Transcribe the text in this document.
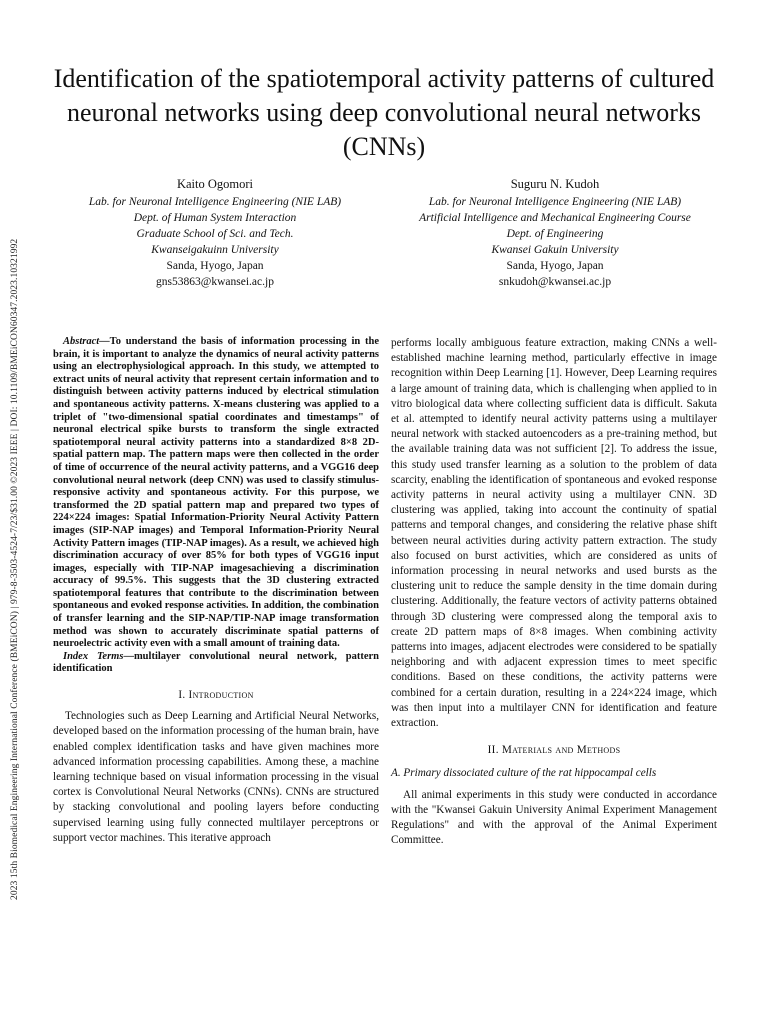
2023 15th Biomedical Engineering International Conference (BMEiCON) | 979-8-3503-4524-7/23/$31.00 ©2023 IEEE | DOI: 10.1109/BMEiCON60347.2023.10321992
Identification of the spatiotemporal activity patterns of cultured neuronal networks using deep convolutional neural networks (CNNs)
Kaito Ogomori
Lab. for Neuronal Intelligence Engineering (NIE LAB)
Dept. of Human System Interaction
Graduate School of Sci. and Tech.
Kwanseigakuinn University
Sanda, Hyogo, Japan
gns53863@kwansei.ac.jp
Suguru N. Kudoh
Lab. for Neuronal Intelligence Engineering (NIE LAB)
Artificial Intelligence and Mechanical Engineering Course
Dept. of Engineering
Kwansei Gakuin University
Sanda, Hyogo, Japan
snkudoh@kwansei.ac.jp

Abstract—To understand the basis of information processing in the brain, it is important to analyze the dynamics of neural activity patterns using an electrophysiological approach. In this study, we attempted to extract units of neural activity that represent certain information and to distinguish between activity patterns induced by electrical stimulation and spontaneous activity patterns. X-means clustering was applied to a triplet of "two-dimensional spatial coordinates and timestamps" of neuronal electrical spike bursts to transform the single extracted spatiotemporal neural activity patterns into a standardized 8×8 2D-spatial pattern map. The pattern maps were then collected in the order of time of occurrence of the neural activity patterns, and a VGG16 deep convolutional neural network (deep CNN) was used to classify stimulus-responsive activity and spontaneous activity. For this purpose, we transformed the 2D spatial pattern map and prepared two types of 224×224 images: Spatial Information-Priority Neural Activity Pattern images (SIP-NAP images) and Temporal Information-Priority Neural Activity Pattern images (TIP-NAP images). As a result, we achieved high discrimination accuracy of over 85% for both types of VGG16 input images, especially with TIP-NAP imagesachieving a discrimination accuracy of 99.5%. This suggests that the 3D clustering extracted spatiotemporal features that contribute to the discrimination between spontaneous and evoked response activities. In addition, the combination of transfer learning and the SIP-NAP/TIP-NAP image transformation method was shown to accurately discriminate spatial patterns of neuroelectric activity even with a small amount of training data.

Index Terms—multilayer convolutional neural network, pattern identification

I. Introduction

Technologies such as Deep Learning and Artificial Neural Networks, developed based on the information processing of the human brain, have enabled complex identification tasks and have given machines more advanced information processing capabilities. Among these, a machine learning technique based on visual information processing in the visual cortex is Convolutional Neural Networks (CNNs). CNNs are structured by stacking convolutional and pooling layers before conducting supervised learning using fully connected multilayer perceptrons or support vector machines. This iterative approach

performs locally ambiguous feature extraction, making CNNs a well-established machine learning method, particularly effective in image recognition within Deep Learning [1]. However, Deep Learning requires a large amount of training data, which is challenging when applied to in vitro biological data where collecting sufficient data is difficult. Sakuta et al. attempted to identify neural activity patterns using a multilayer neural network with stacked autoencoders as a pre-training method, but the available training data was not sufficient [2]. To address the issue, this study used transfer learning as a solution to the problem of data scarcity, enabling the identification of spontaneous and evoked response activity patterns in neural activity using a multilayer CNN. 3D clustering was applied, taking into account the continuity of spatial patterns and temporal changes, and considering the relative phase shift between neural activities during activity pattern extraction. The study also focused on burst activities, which are considered as units of information processing in neural networks and used bursts as the clustering unit to reduce the sample density in the time domain during clustering. Additionally, the feature vectors of activity patterns obtained through 3D clustering were compressed along the temporal axis to create 2D pattern maps of 8×8 images. When combining activity patterns into images, adjacent electrodes were considered to be spatially neighboring and with adjacent expression times to meet specific conditions. Based on these conditions, the activity patterns were combined for a certain duration, resulting in a 224×224 image, which was then input into a multilayer CNN for identification and feature extraction.

II. Materials and Methods
A. Primary dissociated culture of the rat hippocampal cells

All animal experiments in this study were conducted in accordance with the "Kwansei Gakuin University Animal Experiment Management Regulations" and with the approval of the Animal Experiment Committee.
